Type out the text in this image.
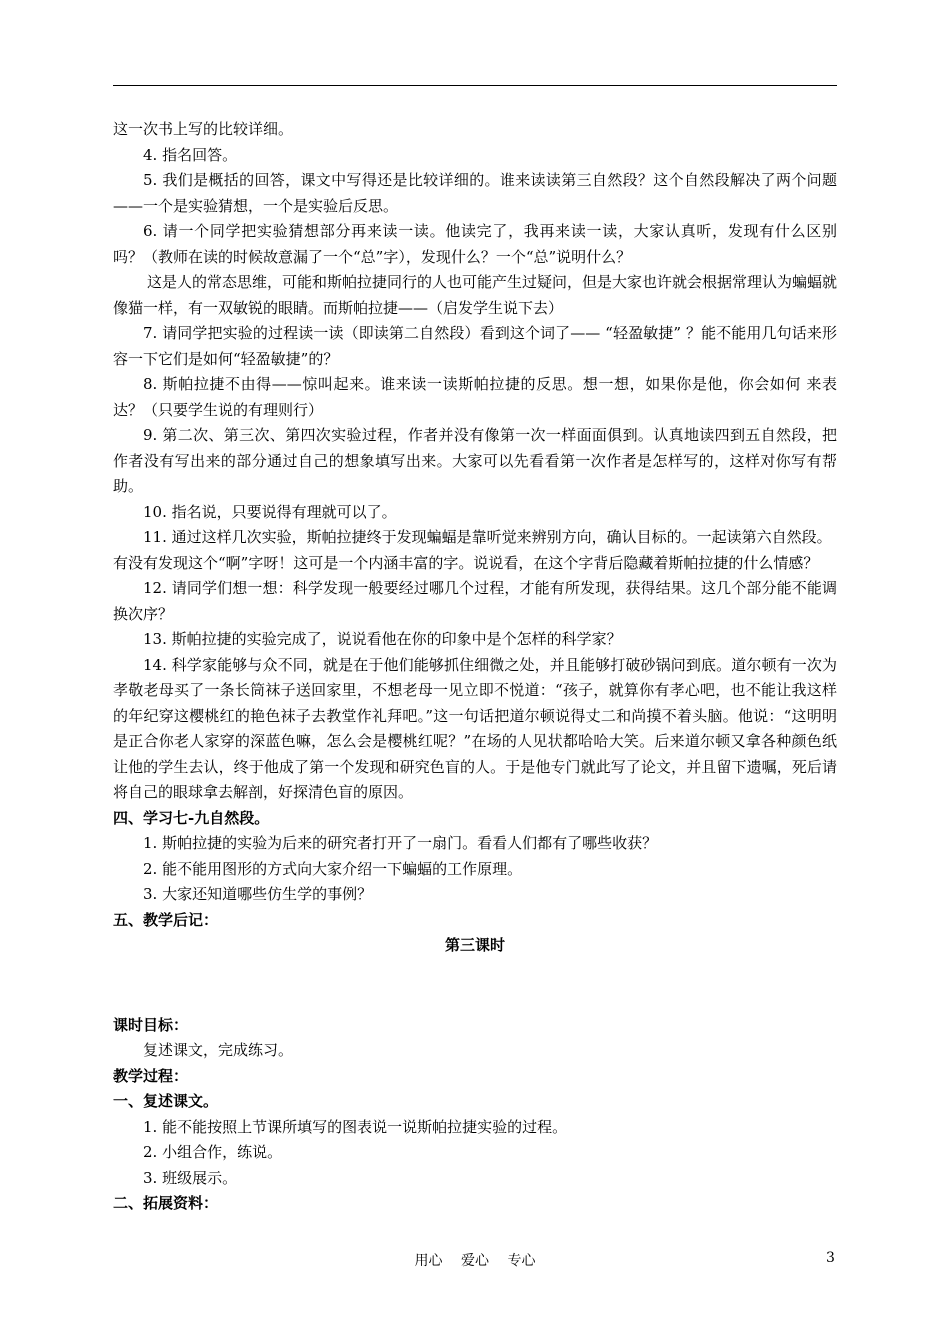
这一次书上写的比较详细。

4. 指名回答。

5. 我们是概括的回答，课文中写得还是比较详细的。谁来读读第三自然段？这个自然段解决了两个问题——一个是实验猜想，一个是实验后反思。

6. 请一个同学把实验猜想部分再来读一读。他读完了，我再来读一读，大家认真听，发现有什么区别吗？（教师在读的时候故意漏了一个“总”字），发现什么？一个“总”说明什么？

这是人的常态思维，可能和斯帕拉捷同行的人也可能产生过疑问，但是大家也许就会根据常理认为蝙蝠就像猫一样，有一双敏锐的眼睛。而斯帕拉捷——（启发学生说下去）

7. 请同学把实验的过程读一读（即读第二自然段）看到这个词了—— “轻盈敏捷” ？能不能用几句话来形容一下它们是如何“轻盈敏捷”的？

8. 斯帕拉捷不由得——惊叫起来。谁来读一读斯帕拉捷的反思。想一想，如果你是他，你会如何 来表达？（只要学生说的有理则行）

9. 第二次、第三次、第四次实验过程，作者并没有像第一次一样面面俱到。认真地读四到五自然段，把作者没有写出来的部分通过自己的想象填写出来。大家可以先看看第一次作者是怎样写的，这样对你写有帮助。

10. 指名说，只要说得有理就可以了。

11. 通过这样几次实验，斯帕拉捷终于发现蝙蝠是靠听觉来辨别方向，确认目标的。一起读第六自然段。

有没有发现这个“啊”字呀！这可是一个内涵丰富的字。说说看，在这个字背后隐藏着斯帕拉捷的什么情感？

12. 请同学们想一想：科学发现一般要经过哪几个过程，才能有所发现，获得结果。这几个部分能不能调换次序？

13. 斯帕拉捷的实验完成了，说说看他在你的印象中是个怎样的科学家？

14. 科学家能够与众不同，就是在于他们能够抓住细微之处，并且能够打破砂锅问到底。道尔顿有一次为孝敬老母买了一条长筒袜子送回家里，不想老母一见立即不悦道：“孩子，就算你有孝心吧，也不能让我这样的年纪穿这樱桃红的艳色袜子去教堂作礼拜吧。”这一句话把道尔顿说得丈二和尚摸不着头脑。他说：“这明明是正合你老人家穿的深蓝色嘛，怎么会是樱桃红呢？”在场的人见状都哈哈大笑。后来道尔顿又拿各种颜色纸让他的学生去认，终于他成了第一个发现和研究色盲的人。于是他专门就此写了论文，并且留下遗嘱，死后请将自己的眼球拿去解剖，好探清色盲的原因。

四、学习七-九自然段。

1. 斯帕拉捷的实验为后来的研究者打开了一扇门。看看人们都有了哪些收获？

2. 能不能用图形的方式向大家介绍一下蝙蝠的工作原理。

3. 大家还知道哪些仿生学的事例？

五、教学后记：

第三课时

课时目标：

复述课文，完成练习。

教学过程：

一、复述课文。

1. 能不能按照上节课所填写的图表说一说斯帕拉捷实验的过程。

2. 小组合作，练说。

3. 班级展示。

二、拓展资料：

用心 爱心 专心	3
